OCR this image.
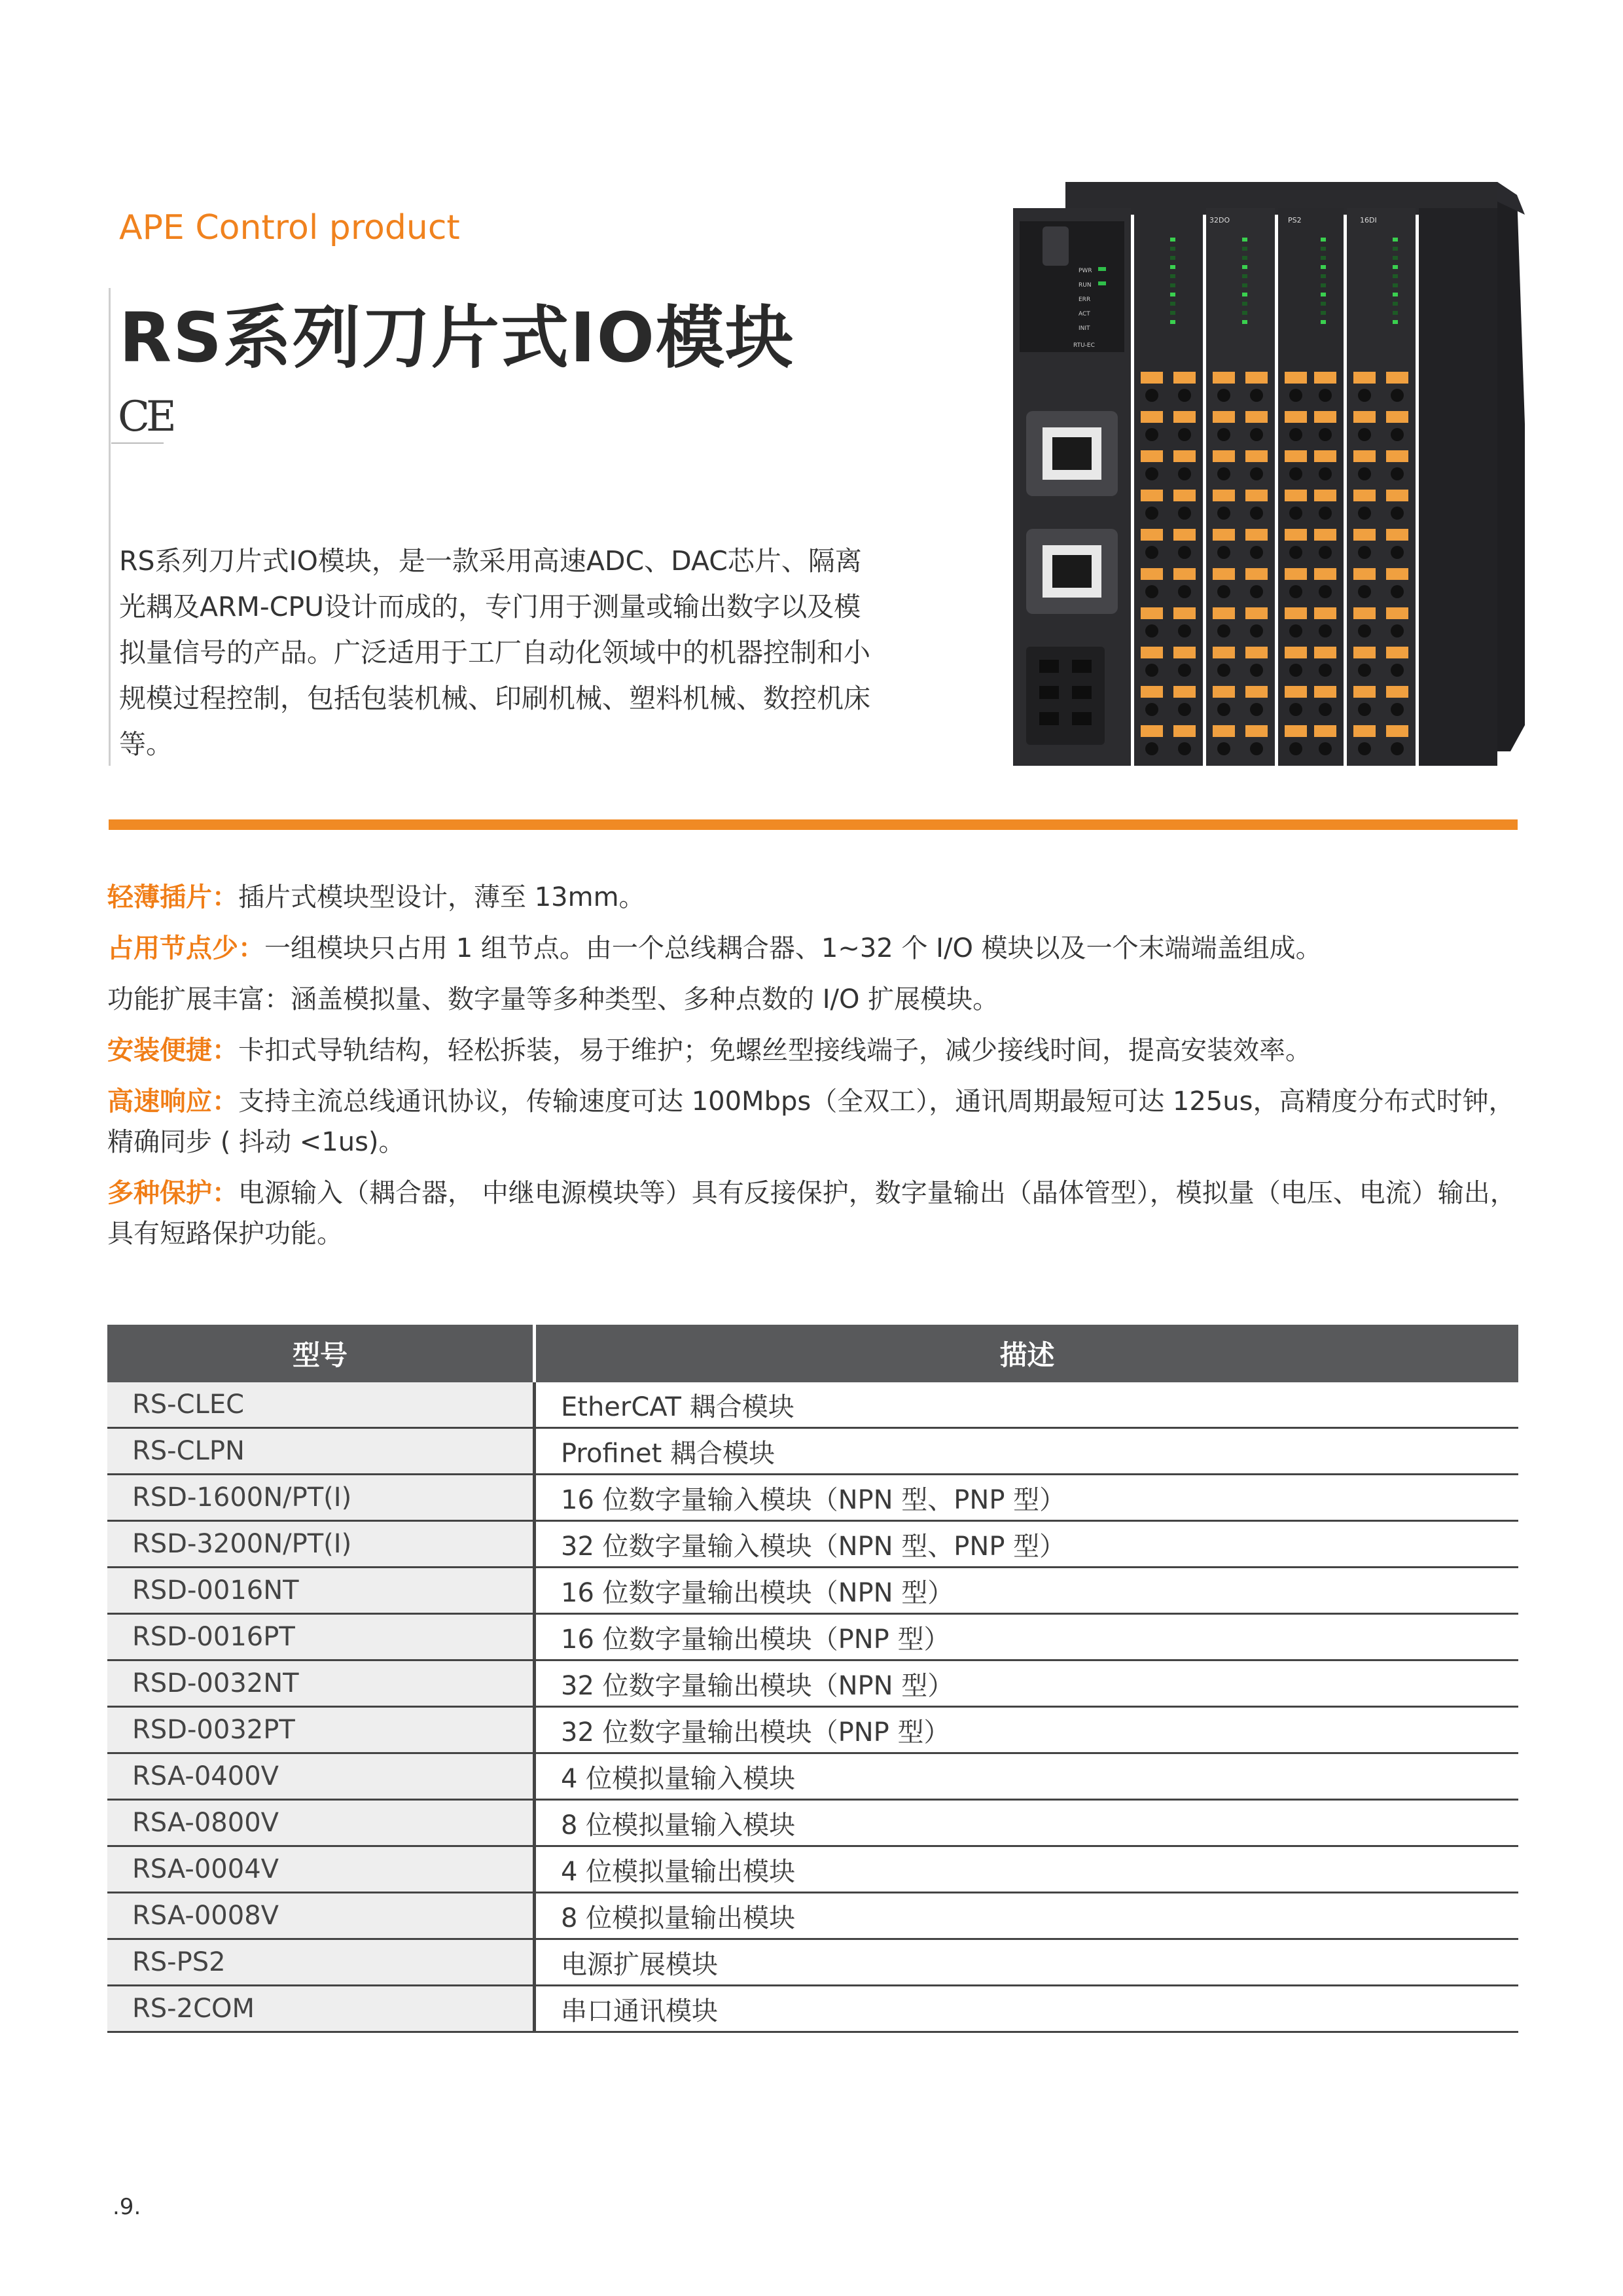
APE Control product
RS系列刀片式IO模块
CE
RS系列刀片式IO模块，是一款采用高速ADC、DAC芯片、隔离光耦及ARM-CPU设计而成的，专门用于测量或输出数字以及模拟量信号的产品。广泛适用于工厂自动化领域中的机器控制和小规模过程控制，包括包装机械、印刷机械、塑料机械、数控机床等。
PWR
RUN
ERR
ACT
INIT
RTU-EC
32DO	PS2	16DI

轻薄插片：插片式模块型设计，薄至 13mm。

占用节点少：一组模块只占用 1 组节点。由一个总线耦合器、1~32 个 I/O 模块以及一个末端端盖组成。

功能扩展丰富：涵盖模拟量、数字量等多种类型、多种点数的 I/O 扩展模块。

安装便捷：卡扣式导轨结构，轻松拆装，易于维护；免螺丝型接线端子，减少接线时间，提高安装效率。

高速响应：支持主流总线通讯协议，传输速度可达 100Mbps（全双工），通讯周期最短可达 125us，高精度分布式时钟，精确同步 ( 抖动 <1us)。

多种保护：电源输入（耦合器， 中继电源模块等）具有反接保护，数字量输出（晶体管型），模拟量（电压、电流）输出，具有短路保护功能。

型号	描述
RS-CLEC	EtherCAT 耦合模块
RS-CLPN	Profinet 耦合模块
RSD-1600N/PT(I)	16 位数字量输入模块（NPN 型、PNP 型）
RSD-3200N/PT(I)	32 位数字量输入模块（NPN 型、PNP 型）
RSD-0016NT	16 位数字量输出模块（NPN 型）
RSD-0016PT	16 位数字量输出模块（PNP 型）
RSD-0032NT	32 位数字量输出模块（NPN 型）
RSD-0032PT	32 位数字量输出模块（PNP 型）
RSA-0400V	4 位模拟量输入模块
RSA-0800V	8 位模拟量输入模块
RSA-0004V	4 位模拟量输出模块
RSA-0008V	8 位模拟量输出模块
RS-PS2	电源扩展模块
RS-2COM	串口通讯模块
.9.
